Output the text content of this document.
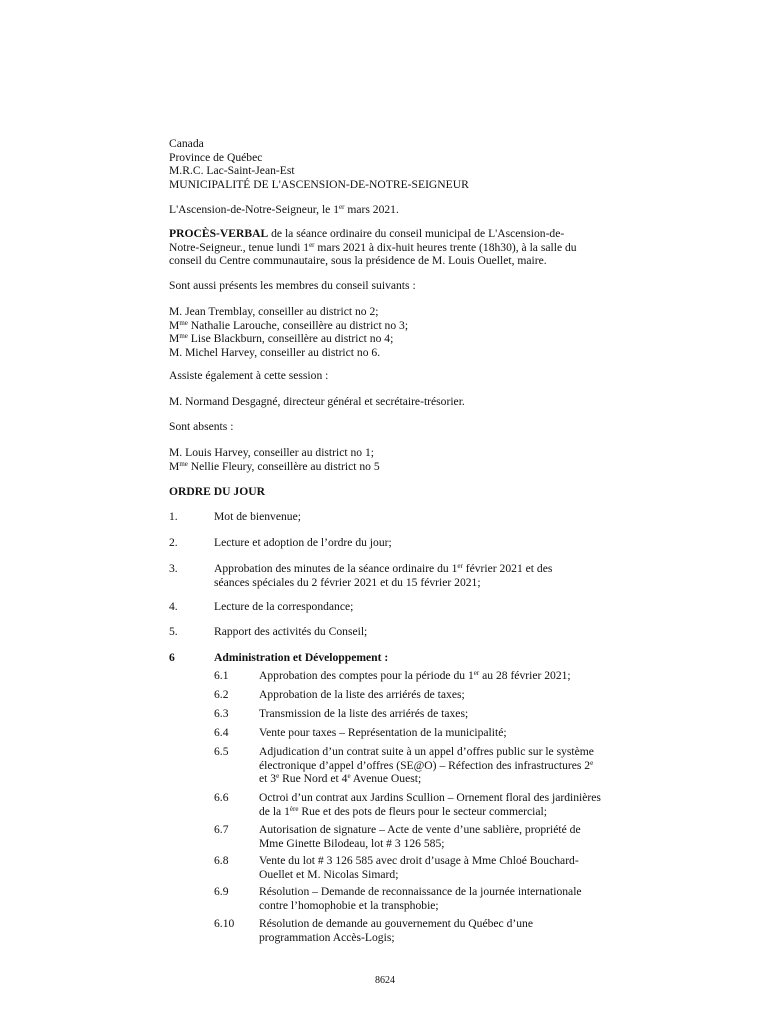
Canada
Province de Québec
M.R.C. Lac-Saint-Jean-Est
MUNICIPALITÉ DE L'ASCENSION-DE-NOTRE-SEIGNEUR
L'Ascension-de-Notre-Seigneur, le 1er mars 2021.
PROCÈS-VERBAL de la séance ordinaire du conseil municipal de L'Ascension-de-
Notre-Seigneur., tenue lundi 1er mars 2021 à dix-huit heures trente (18h30), à la salle du
conseil du Centre communautaire, sous la présidence de M. Louis Ouellet, maire.
Sont aussi présents les membres du conseil suivants :
M. Jean Tremblay, conseiller au district no 2;
$M^{me}$ Nathalie Larouche, conseillère au district no 3;
$M^{me}$ Lise Blackburn, conseillère au district no 4;
M. Michel Harvey, conseiller au district no 6.
Assiste également à cette session :
M. Normand Desgagné, directeur général et secrétaire-trésorier.
Sont absents :
M. Louis Harvey, conseiller au district no 1;
$M^{me}$ Nellie Fleury, conseillère au district no 5
ORDRE DU JOUR
1.	Mot de bienvenue;
2.	Lecture et adoption de l’ordre du jour;
3.	Approbation des minutes de la séance ordinaire du 1er février 2021 et des
séances spéciales du 2 février 2021 et du 15 février 2021;
4.	Lecture de la correspondance;
5.	Rapport des activités du Conseil;
6	Administration et Développement :
6.1	Approbation des comptes pour la période du 1er au 28 février 2021;
6.2	Approbation de la liste des arriérés de taxes;
6.3	Transmission de la liste des arriérés de taxes;
6.4	Vente pour taxes – Représentation de la municipalité;
6.5	Adjudication d’un contrat suite à un appel d’offres public sur le système
électronique d’appel d’offres (SE@O) – Réfection des infrastructures 2e
et 3e Rue Nord et 4e Avenue Ouest;
6.6	Octroi d’un contrat aux Jardins Scullion – Ornement floral des jardinières
de la 1ère Rue et des pots de fleurs pour le secteur commercial;
6.7	Autorisation de signature – Acte de vente d’une sablière, propriété de
Mme Ginette Bilodeau, lot # 3 126 585;
6.8	Vente du lot # 3 126 585 avec droit d’usage à Mme Chloé Bouchard-
Ouellet et M. Nicolas Simard;
6.9	Résolution – Demande de reconnaissance de la journée internationale
contre l’homophobie et la transphobie;
6.10 Résolution de demande au gouvernement du Québec d’une
programmation Accès-Logis;
8624
